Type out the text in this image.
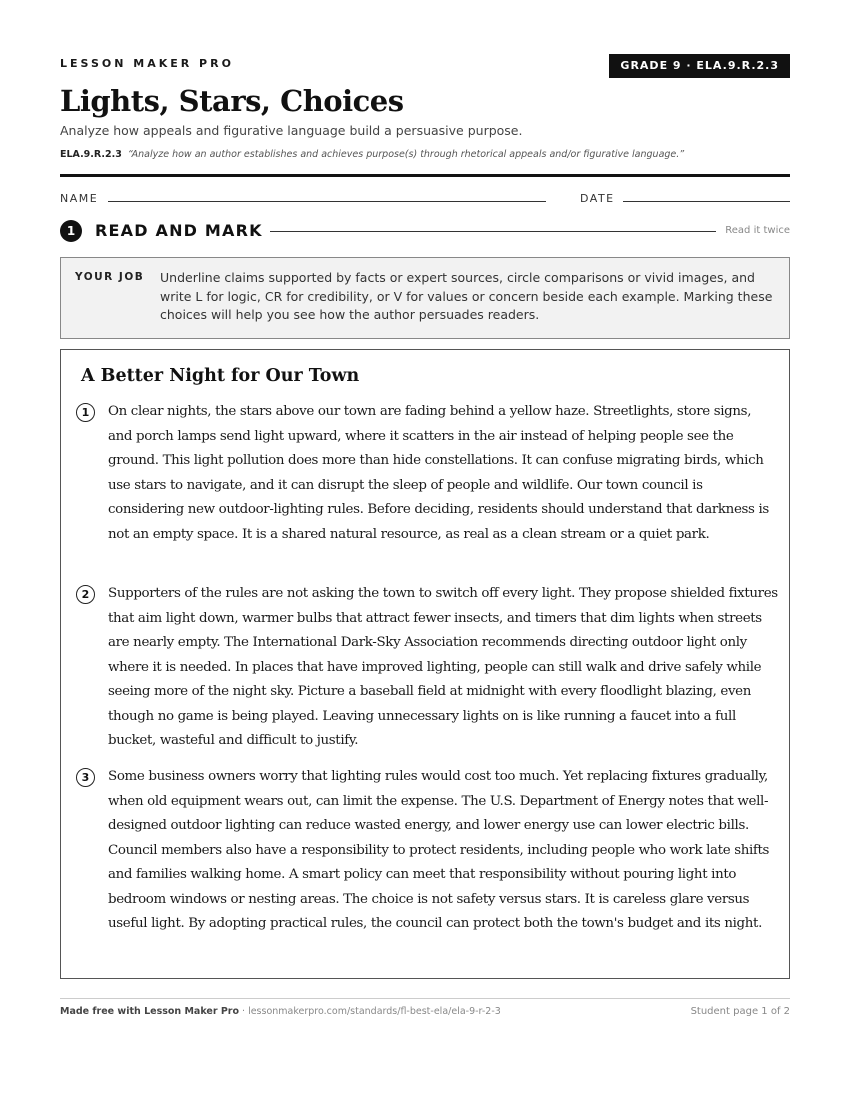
LESSON MAKER PRO	GRADE 9 · ELA.9.R.2.3
Lights, Stars, Choices
Analyze how appeals and figurative language build a persuasive purpose.
ELA.9.R.2.3 “Analyze how an author establishes and achieves purpose(s) through rhetorical appeals and/or figurative language.”
NAME	DATE
1	READ AND MARK	Read it twice
YOUR JOB Underline claims supported by facts or expert sources, circle comparisons or vivid images, and write L for logic, CR for credibility, or V for values or concern beside each example. Marking these choices will help you see how the author persuades readers.
A Better Night for Our Town
1	On clear nights, the stars above our town are fading behind a yellow haze. Streetlights, store signs, and porch lamps send light upward, where it scatters in the air instead of helping people see the ground. This light pollution does more than hide constellations. It can confuse migrating birds, which use stars to navigate, and it can disrupt the sleep of people and wildlife. Our town council is considering new outdoor-lighting rules. Before deciding, residents should understand that darkness is not an empty space. It is a shared natural resource, as real as a clean stream or a quiet park.

2	Supporters of the rules are not asking the town to switch off every light. They propose shielded fixtures that aim light down, warmer bulbs that attract fewer insects, and timers that dim lights when streets are nearly empty. The International Dark-Sky Association recommends directing outdoor light only where it is needed. In places that have improved lighting, people can still walk and drive safely while seeing more of the night sky. Picture a baseball field at midnight with every floodlight blazing, even though no game is being played. Leaving unnecessary lights on is like running a faucet into a full bucket, wasteful and difficult to justify.

3	Some business owners worry that lighting rules would cost too much. Yet replacing fixtures gradually, when old equipment wears out, can limit the expense. The U.S. Department of Energy notes that well-designed outdoor lighting can reduce wasted energy, and lower energy use can lower electric bills. Council members also have a responsibility to protect residents, including people who work late shifts and families walking home. A smart policy can meet that responsibility without pouring light into bedroom windows or nesting areas. The choice is not safety versus stars. It is careless glare versus useful light. By adopting practical rules, the council can protect both the town's budget and its night.

Made free with Lesson Maker Pro · lessonmakerpro.com/standards/fl-best-ela/ela-9-r-2-3	Student page 1 of 2
